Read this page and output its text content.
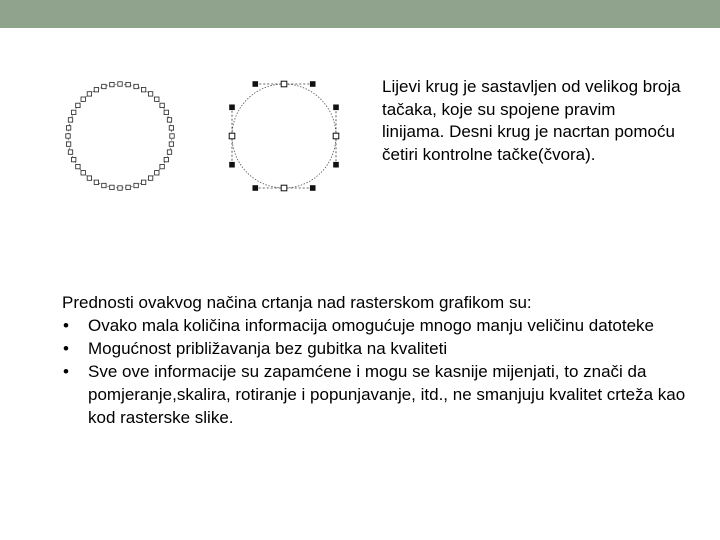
Lijevi krug je sastavljen od velikog broja tačaka, koje su spojene pravim linijama. Desni krug je nacrtan pomoću četiri kontrolne tačke(čvora).

Prednosti ovakvog načina crtanja nad rasterskom grafikom su:

• Ovako mala količina informacija omogućuje mnogo manju veličinu datoteke
• Mogućnost približavanja bez gubitka na kvaliteti
• Sve ove informacije su zapamćene i mogu se kasnije mijenjati, to znači da pomjeranje,skalira, rotiranje i popunjavanje, itd., ne smanjuju kvalitet crteža kao kod rasterske slike.
